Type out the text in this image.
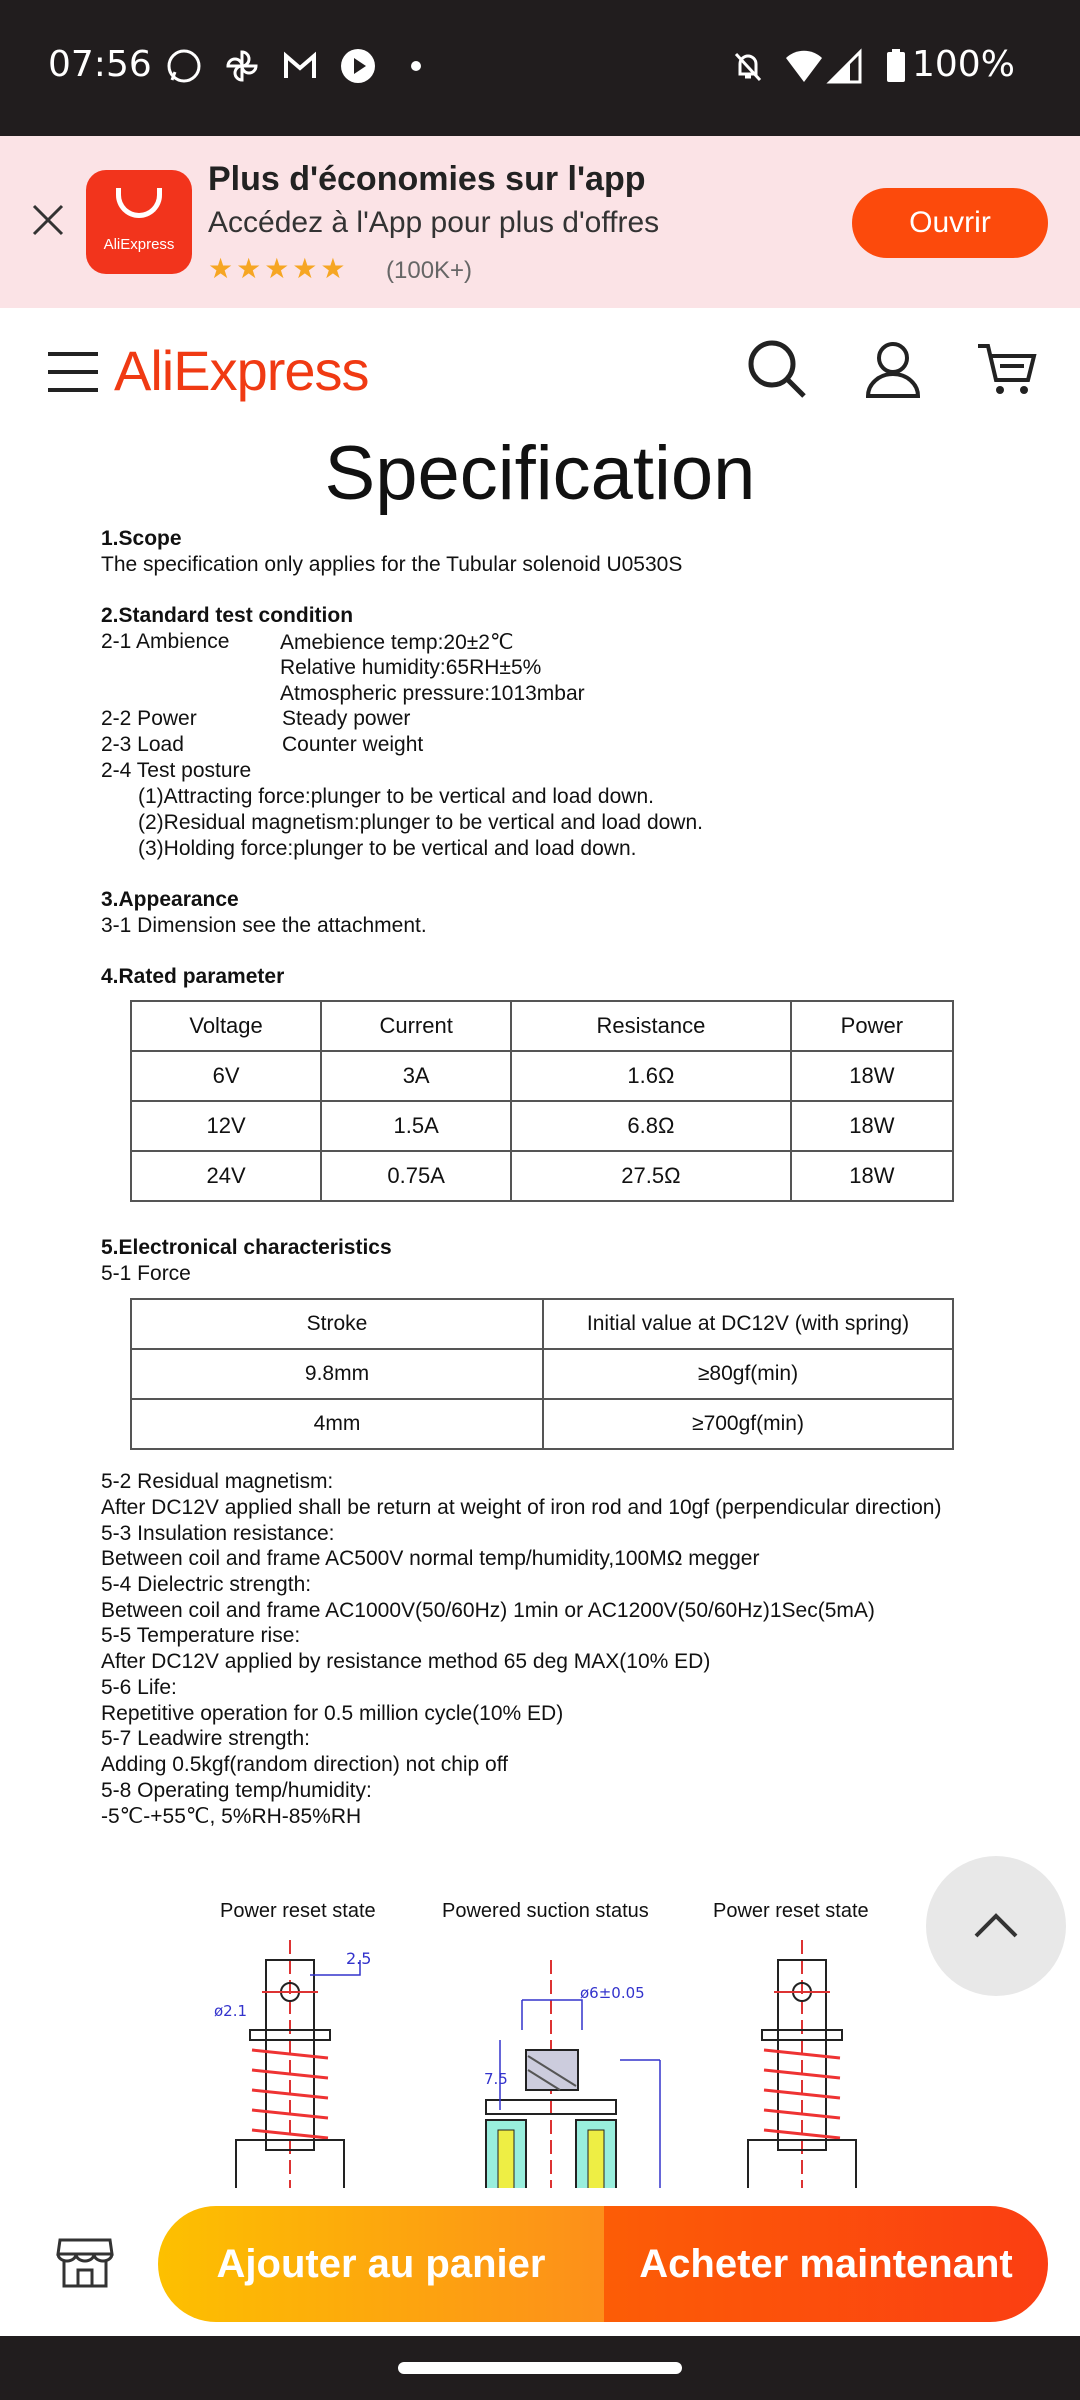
07:56	100%
AliExpress
Plus d'économies sur l'app
Accédez à l'App pour plus d'offres
★★★★★ (100K+)
Ouvrir
AliExpress
Specification
1.Scope
The specification only applies for the Tubular solenoid U0530S
2.Standard test condition
2-1 Ambience Amebience temp:20±2℃
Relative humidity:65RH±5%
Atmospheric pressure:1013mbar
2-2 Power	Steady power
2-3 Load	Counter weight
2-4 Test posture
(1)Attracting force:plunger to be vertical and load down.
(2)Residual magnetism:plunger to be vertical and load down.
(3)Holding force:plunger to be vertical and load down.
3.Appearance
3-1 Dimension see the attachment.
4.Rated parameter
Voltage	Current	Resistance	Power
6V	3A	1.6Ω	18W
12V	1.5A	6.8Ω	18W
24V	0.75A	27.5Ω	18W
5.Electronical characteristics
5-1 Force
Stroke	Initial value at DC12V (with spring)
9.8mm	≥80gf(min)
4mm	≥700gf(min)
5-2 Residual magnetism:
After DC12V applied shall be return at weight of iron rod and 10gf (perpendicular direction)
5-3 Insulation resistance:
Between coil and frame AC500V normal temp/humidity,100MΩ megger
5-4 Dielectric strength:
Between coil and frame AC1000V(50/60Hz) 1min or AC1200V(50/60Hz)1Sec(5mA)
5-5 Temperature rise:
After DC12V applied by resistance method 65 deg MAX(10% ED)
5-6 Life:
Repetitive operation for 0.5 million cycle(10% ED)
5-7 Leadwire strength:
Adding 0.5kgf(random direction) not chip off
5-8 Operating temp/humidity:
-5℃-+55℃, 5%RH-85%RH
Power reset state	Powered suction status	Power reset state
2.5
ø2.1
ø6±0.05
7.5
Ajouter au panier	Acheter maintenant
